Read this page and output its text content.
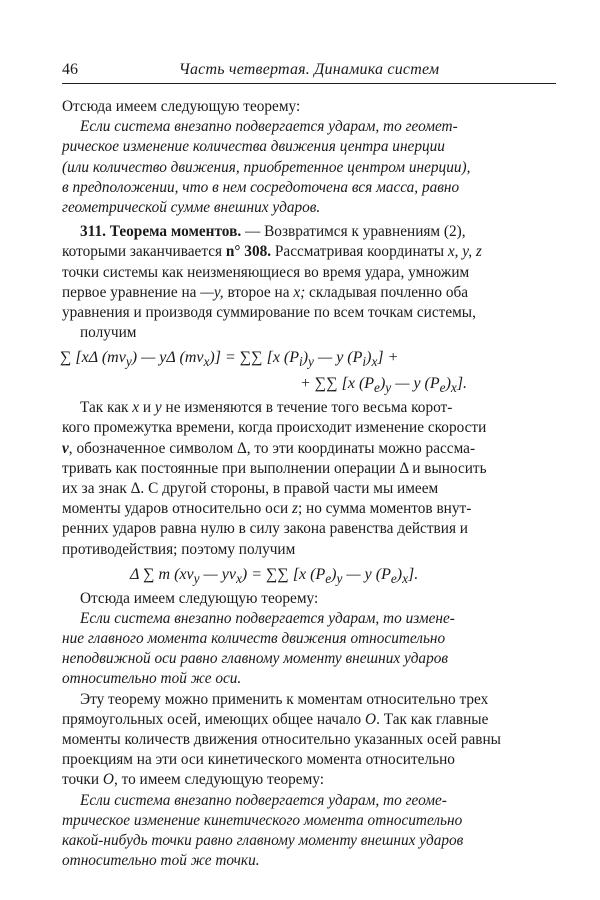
46	Часть четвертая. Динамика систем
Отсюда имеем следующую теорему:
Если система внезапно подвергается ударам, то геомет-
рическое изменение количества движения центра инерции
(или количество движения, приобретенное центром инерции),
в предположении, что в нем сосредоточена вся масса, равно
геометрической сумме внешних ударов.
311. Теорема моментов. — Возвратимся к уравнениям (2),
которыми заканчивается n° 308. Рассматривая координаты x, y, z
точки системы как неизменяющиеся во время удара, умножим
первое уравнение на —y, второе на x; складывая почленно оба
уравнения и производя суммирование по всем точкам системы,
получим
∑ [xΔ $(mv_y)$ — yΔ $(mv_x)$] = ∑∑ [x $(P_i)_y$ — y $(P_i)_x$] +
+ ∑∑ [x $(P_e)_y$ — y $(P_e)_x$].
Так как x и y не изменяются в течение того весьма корот-
кого промежутка времени, когда происходит изменение скорости
v, обозначенное символом Δ, то эти координаты можно рассма-
тривать как постоянные при выполнении операции Δ и выносить
их за знак Δ. С другой стороны, в правой части мы имеем
моменты ударов относительно оси z; но сумма моментов внут-
ренних ударов равна нулю в силу закона равенства действия и
противодействия; поэтому получим
Δ ∑ m ($xv_y$ — $yv_x$) = ∑∑ [x $(P_e)_y$ — y $(P_e)_x$].
Отсюда имеем следующую теорему:
Если система внезапно подвергается ударам, то измене-
ние главного момента количеств движения относительно
неподвижной оси равно главному моменту внешних ударов
относительно той же оси.
Эту теорему можно применить к моментам относительно трех
прямоугольных осей, имеющих общее начало O. Так как главные
моменты количеств движения относительно указанных осей равны
проекциям на эти оси кинетического момента относительно
точки O, то имеем следующую теорему:
Если система внезапно подвергается ударам, то геоме-
трическое изменение кинетического момента относительно
какой-нибудь точки равно главному моменту внешних ударов
относительно той же точки.
